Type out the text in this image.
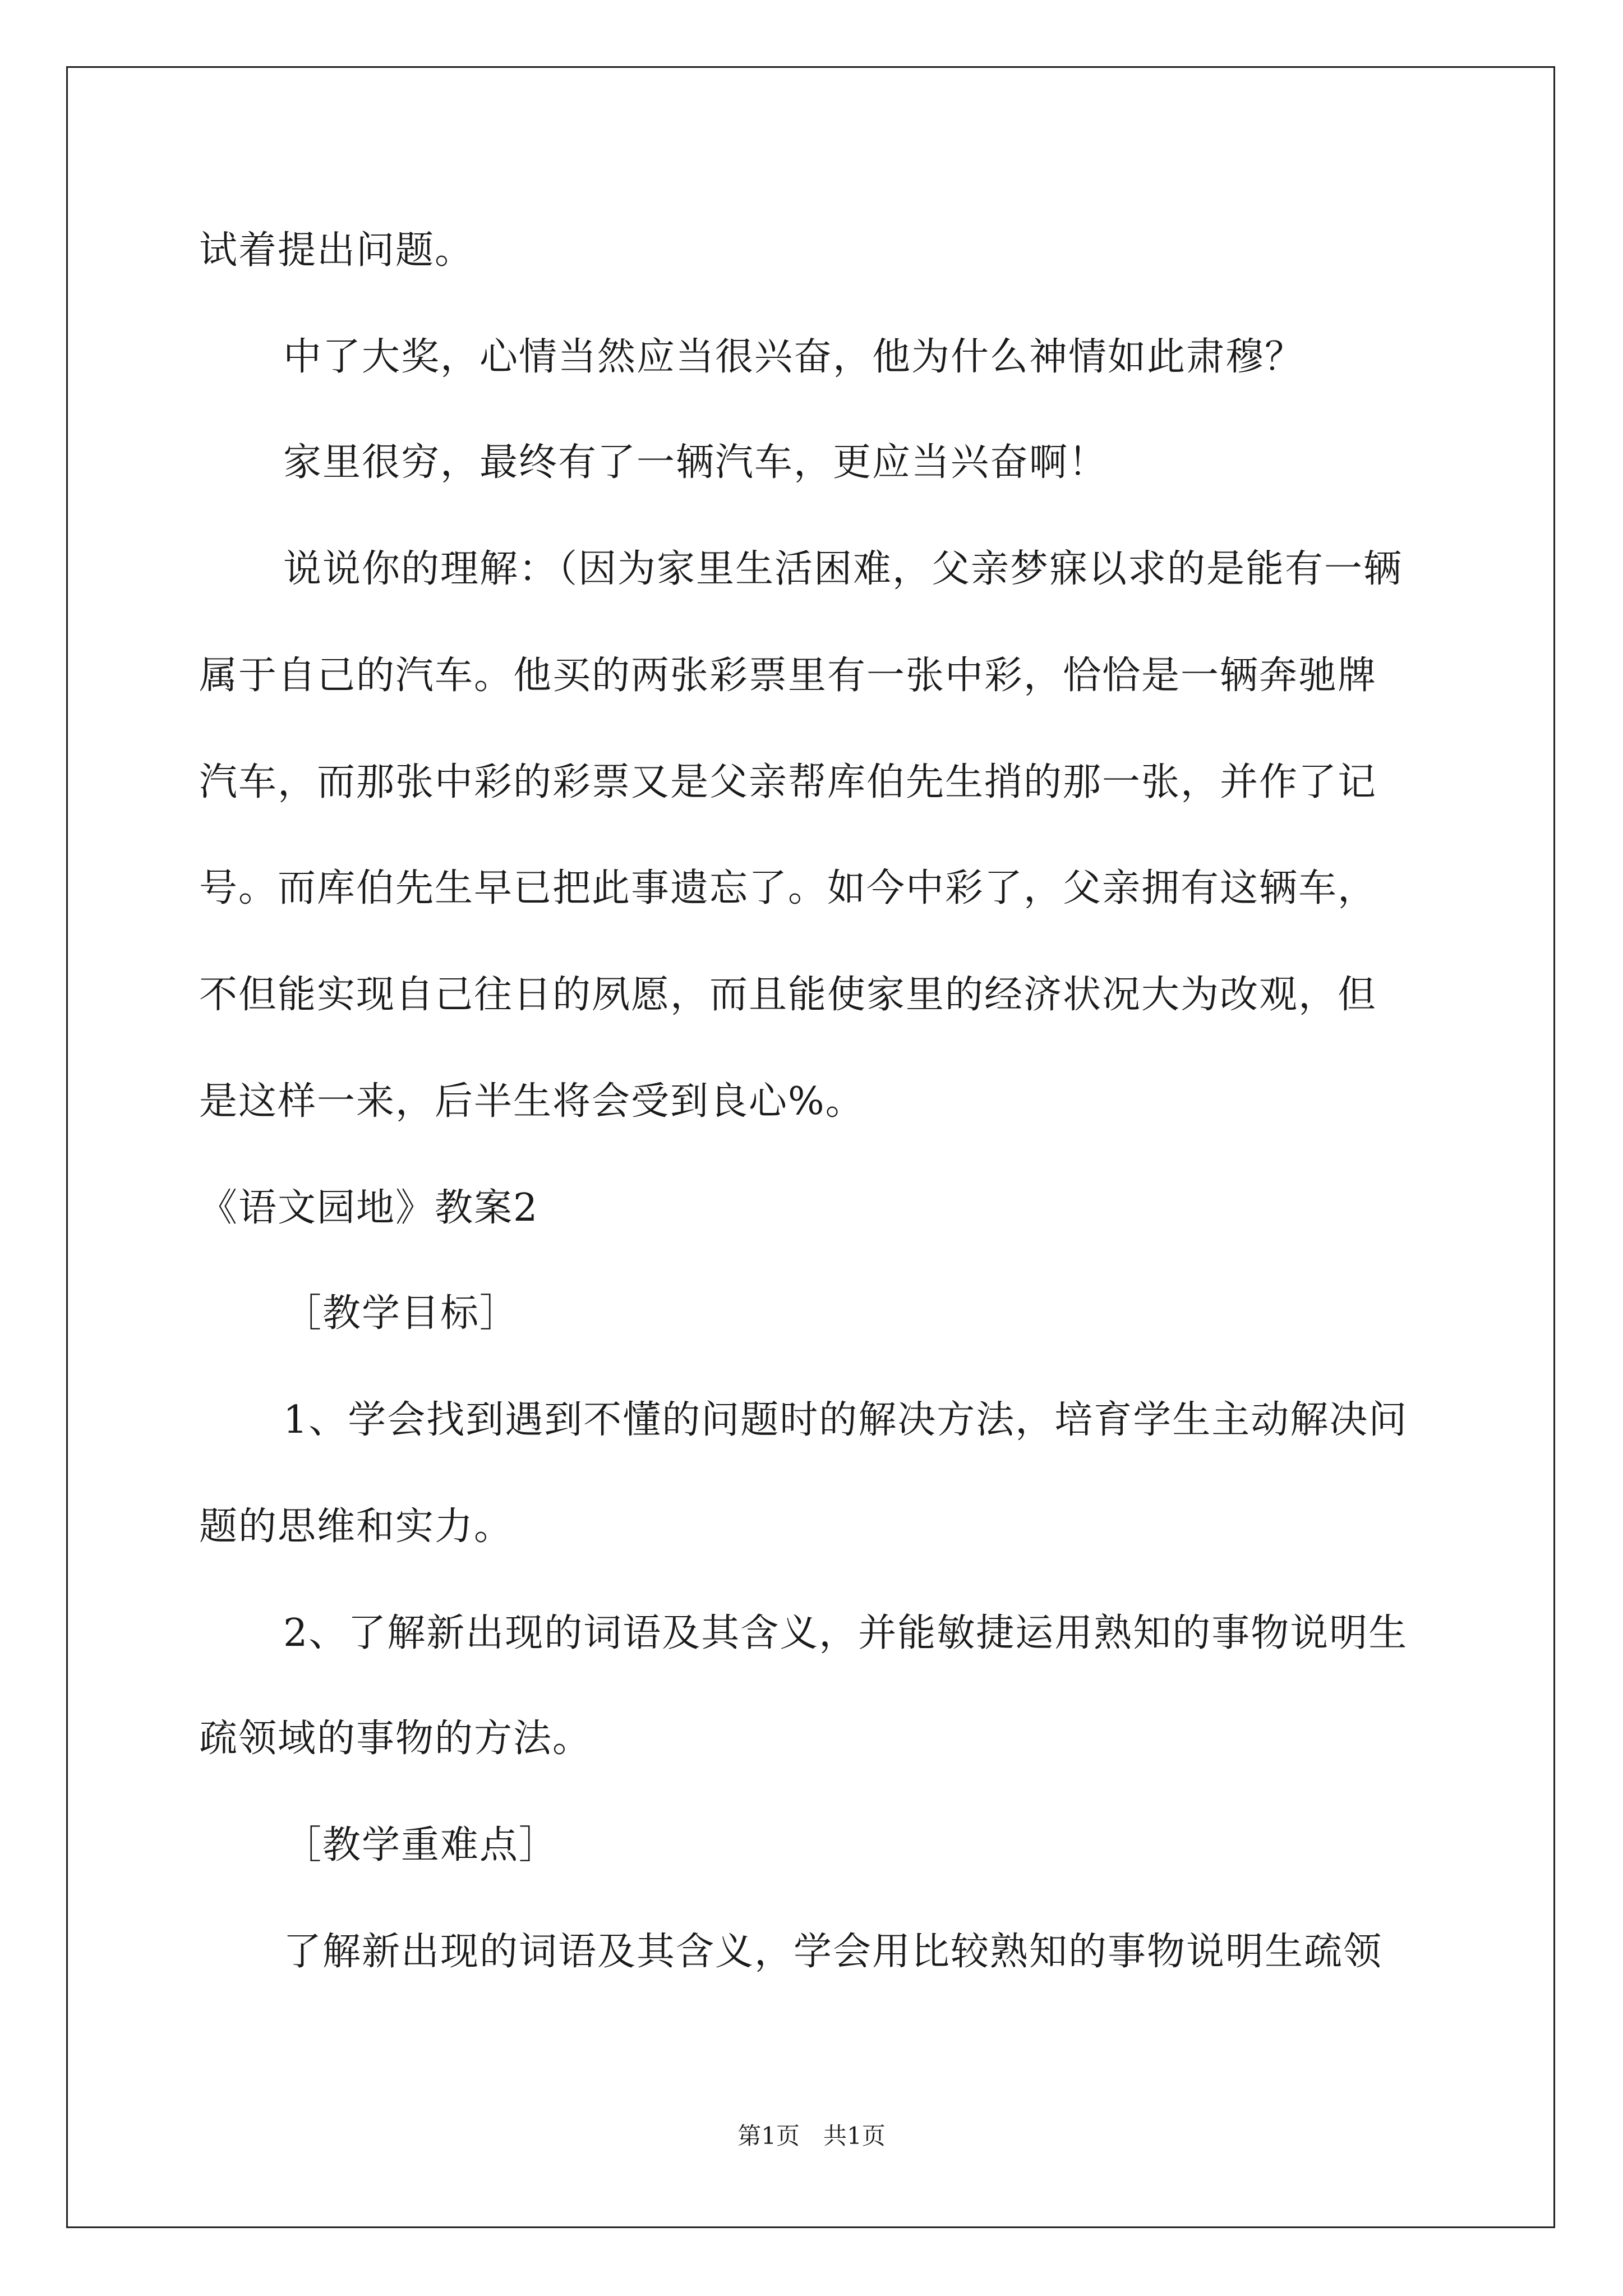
试着提出问题。
中了大奖，心情当然应当很兴奋，他为什么神情如此肃穆？
家里很穷，最终有了一辆汽车，更应当兴奋啊！
说说你的理解：（因为家里生活困难，父亲梦寐以求的是能有一辆
属于自己的汽车。他买的两张彩票里有一张中彩，恰恰是一辆奔驰牌
汽车，而那张中彩的彩票又是父亲帮库伯先生捎的那一张，并作了记
号。而库伯先生早已把此事遗忘了。如今中彩了，父亲拥有这辆车，
不但能实现自己往日的夙愿，而且能使家里的经济状况大为改观，但
是这样一来，后半生将会受到良心%。
《语文园地》教案2
［教学目标］
1、学会找到遇到不懂的问题时的解决方法，培育学生主动解决问
题的思维和实力。
2、了解新出现的词语及其含义，并能敏捷运用熟知的事物说明生
疏领域的事物的方法。
［教学重难点］
了解新出现的词语及其含义，学会用比较熟知的事物说明生疏领
第1页　共1页
